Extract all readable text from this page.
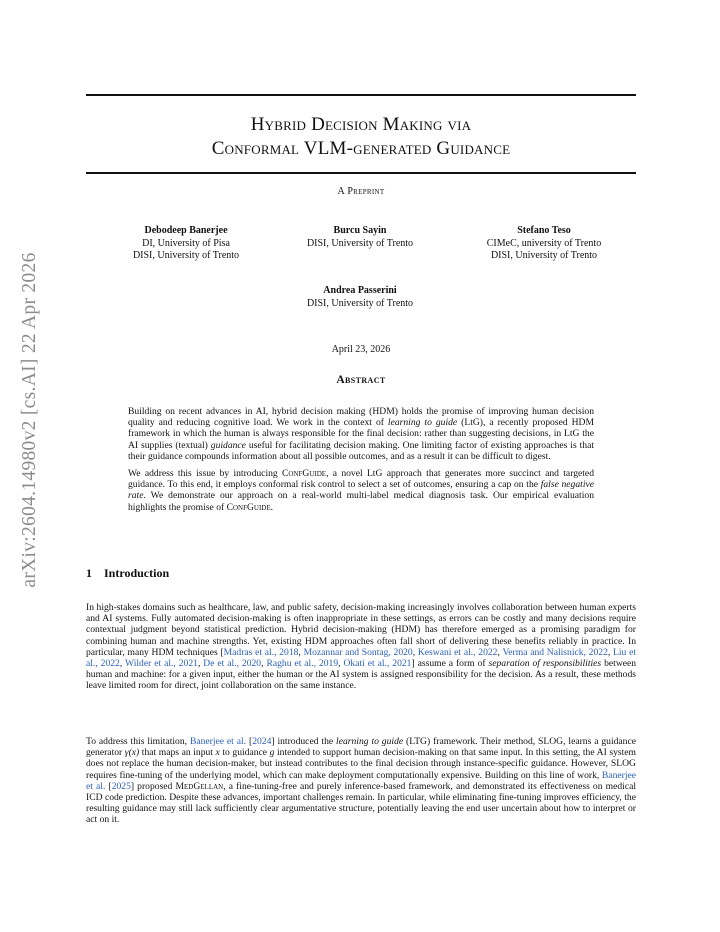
arXiv:2604.14980v2 [cs.AI] 22 Apr 2026
Hybrid Decision Making via
Conformal VLM-generated Guidance
A Preprint
Debodeep Banerjee
DI, University of Pisa
DISI, University of Trento
Burcu Sayin
DISI, University of Trento
Stefano Teso
CIMeC, university of Trento
DISI, University of Trento
Andrea Passerini
DISI, University of Trento
April 23, 2026
Abstract

Building on recent advances in AI, hybrid decision making (HDM) holds the promise of improving human decision quality and reducing cognitive load. We work in the context of learning to guide (LtG), a recently proposed HDM framework in which the human is always responsible for the final decision: rather than suggesting decisions, in LtG the AI supplies (textual) guidance useful for facilitating decision making. One limiting factor of existing approaches is that their guidance compounds information about all possible outcomes, and as a result it can be difficult to digest.

We address this issue by introducing ConfGuide, a novel LtG approach that generates more succinct and targeted guidance. To this end, it employs conformal risk control to select a set of outcomes, ensuring a cap on the false negative rate. We demonstrate our approach on a real-world multi-label medical diagnosis task. Our empirical evaluation highlights the promise of ConfGuide.

1 Introduction

In high-stakes domains such as healthcare, law, and public safety, decision-making increasingly involves collaboration between human experts and AI systems. Fully automated decision-making is often inappropriate in these settings, as errors can be costly and many decisions require contextual judgment beyond statistical prediction. Hybrid decision-making (HDM) has therefore emerged as a promising paradigm for combining human and machine strengths. Yet, existing HDM approaches often fall short of delivering these benefits reliably in practice. In particular, many HDM techniques [Madras et al., 2018, Mozannar and Sontag, 2020, Keswani et al., 2022, Verma and Nalisnick, 2022, Liu et al., 2022, Wilder et al., 2021, De et al., 2020, Raghu et al., 2019, Okati et al., 2021] assume a form of separation of responsibilities between human and machine: for a given input, either the human or the AI system is assigned responsibility for the decision. As a result, these methods leave limited room for direct, joint collaboration on the same instance.

To address this limitation, Banerjee et al. [2024] introduced the learning to guide (LTG) framework. Their method, SLOG, learns a guidance generator γ(x) that maps an input x to guidance g intended to support human decision-making on that same input. In this setting, the AI system does not replace the human decision-maker, but instead contributes to the final decision through instance-specific guidance. However, SLOG requires fine-tuning of the underlying model, which can make deployment computationally expensive. Building on this line of work, Banerjee et al. [2025] proposed MedGellan, a fine-tuning-free and purely inference-based framework, and demonstrated its effectiveness on medical ICD code prediction. Despite these advances, important challenges remain. In particular, while eliminating fine-tuning improves efficiency, the resulting guidance may still lack sufficiently clear argumentative structure, potentially leaving the end user uncertain about how to interpret or act on it.
